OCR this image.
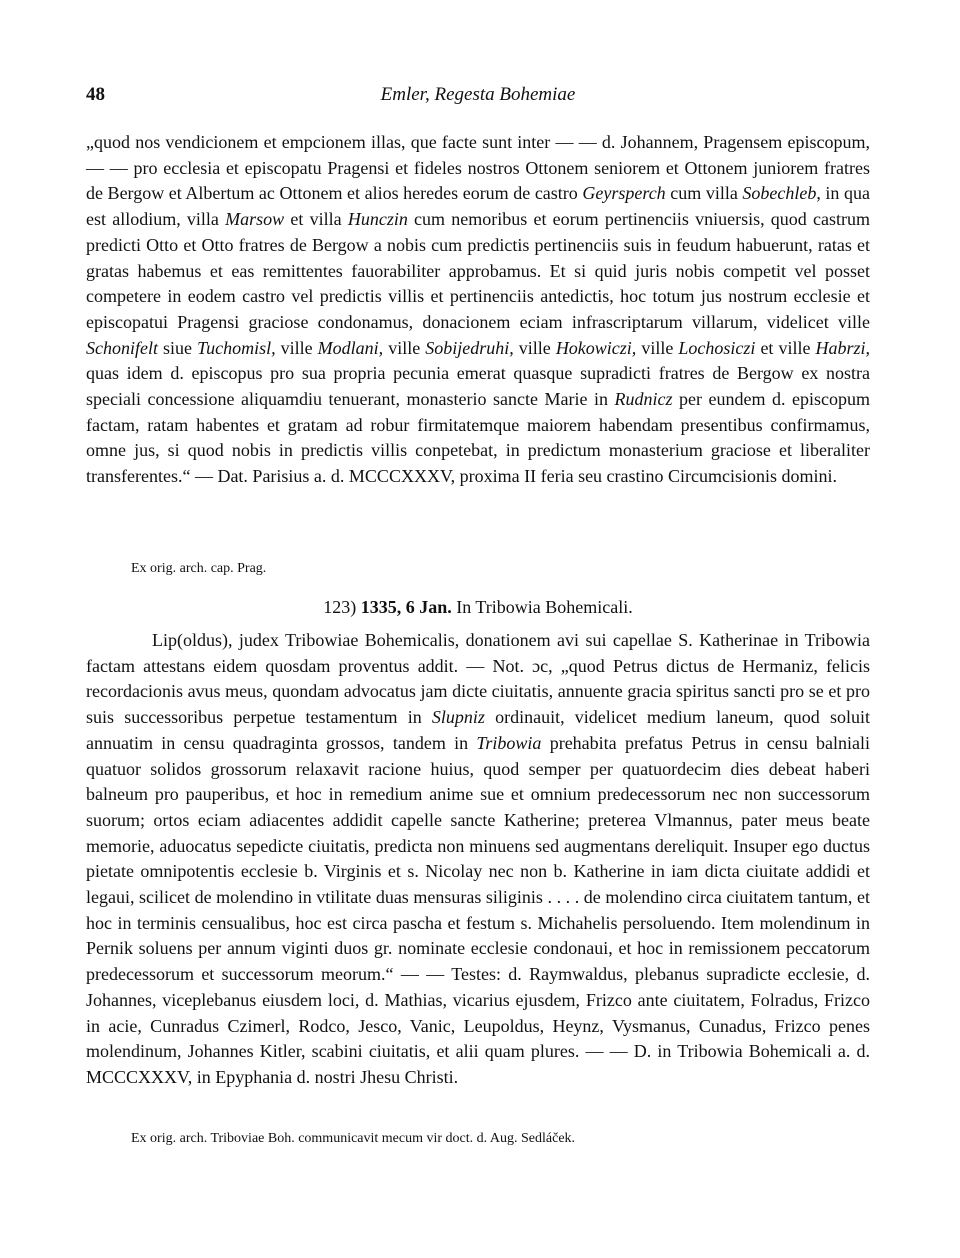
48	Emler, Regesta Bohemiae

„quod nos vendicionem et empcionem illas, que facte sunt inter — — d. Johannem, Pragensem episcopum, — — pro ecclesia et episcopatu Pragensi et fideles nostros Ottonem seniorem et Ottonem juniorem fratres de Bergow et Albertum ac Ottonem et alios heredes eorum de castro Geyrsperch cum villa Sobechleb, in qua est allodium, villa Marsow et villa Hunczin cum nemoribus et eorum pertinenciis vniuersis, quod castrum predicti Otto et Otto fratres de Bergow a nobis cum predictis pertinenciis suis in feudum habuerunt, ratas et gratas habemus et eas remittentes fauorabiliter approbamus. Et si quid juris nobis competit vel posset competere in eodem castro vel predictis villis et pertinenciis antedictis, hoc totum jus nostrum ecclesie et episcopatui Pragensi graciose condonamus, donacionem eciam infrascriptarum villarum, videlicet ville Schonifelt siue Tuchomisl, ville Modlani, ville Sobijedruhi, ville Hokowiczi, ville Lochosiczi et ville Habrzi, quas idem d. episcopus pro sua propria pecunia emerat quasque supradicti fratres de Bergow ex nostra speciali concessione aliquamdiu tenuerant, monasterio sancte Marie in Rudnicz per eundem d. episcopum factam, ratam habentes et gratam ad robur firmitatemque maiorem habendam presentibus confirmamus, omne jus, si quod nobis in predictis villis conpetebat, in predictum monasterium graciose et liberaliter transferentes.“ — Dat. Parisius a. d. MCCCXXXV, proxima II feria seu crastino Circumcisionis domini.

Ex orig. arch. cap. Prag.

123) 1335, 6 Jan. In Tribowia Bohemicali.

Lip(oldus), judex Tribowiae Bohemicalis, donationem avi sui capellae S. Katherinae in Tribowia factam attestans eidem quosdam proventus addit. — Not. ɔc, „quod Petrus dictus de Hermaniz, felicis recordacionis avus meus, quondam advocatus jam dicte ciuitatis, annuente gracia spiritus sancti pro se et pro suis successoribus perpetue testamentum in Slupniz ordinauit, videlicet medium laneum, quod soluit annuatim in censu quadraginta grossos, tandem in Tribowia prehabita prefatus Petrus in censu balniali quatuor solidos grossorum relaxavit racione huius, quod semper per quatuordecim dies debeat haberi balneum pro pauperibus, et hoc in remedium anime sue et omnium predecessorum nec non successorum suorum; ortos eciam adiacentes addidit capelle sancte Katherine; preterea Vlmannus, pater meus beate memorie, aduocatus sepedicte ciuitatis, predicta non minuens sed augmentans dereliquit. Insuper ego ductus pietate omnipotentis ecclesie b. Virginis et s. Nicolay nec non b. Katherine in iam dicta ciuitate addidi et legaui, scilicet de molendino in vtilitate duas mensuras siliginis . . . . de molendino circa ciuitatem tantum, et hoc in terminis censualibus, hoc est circa pascha et festum s. Michahelis persoluendo. Item molendinum in Pernik soluens per annum viginti duos gr. nominate ecclesie condonaui, et hoc in remissionem peccatorum predecessorum et successorum meorum.“ — — Testes: d. Raymwaldus, plebanus supradicte ecclesie, d. Johannes, viceplebanus eiusdem loci, d. Mathias, vicarius ejusdem, Frizco ante ciuitatem, Folradus, Frizco in acie, Cunradus Czimerl, Rodco, Jesco, Vanic, Leupoldus, Heynz, Vysmanus, Cunadus, Frizco penes molendinum, Johannes Kitler, scabini ciuitatis, et alii quam plures. — — D. in Tribowia Bohemicali a. d. MCCCXXXV, in Epyphania d. nostri Jhesu Christi.

Ex orig. arch. Triboviae Boh. communicavit mecum vir doct. d. Aug. Sedláček.
